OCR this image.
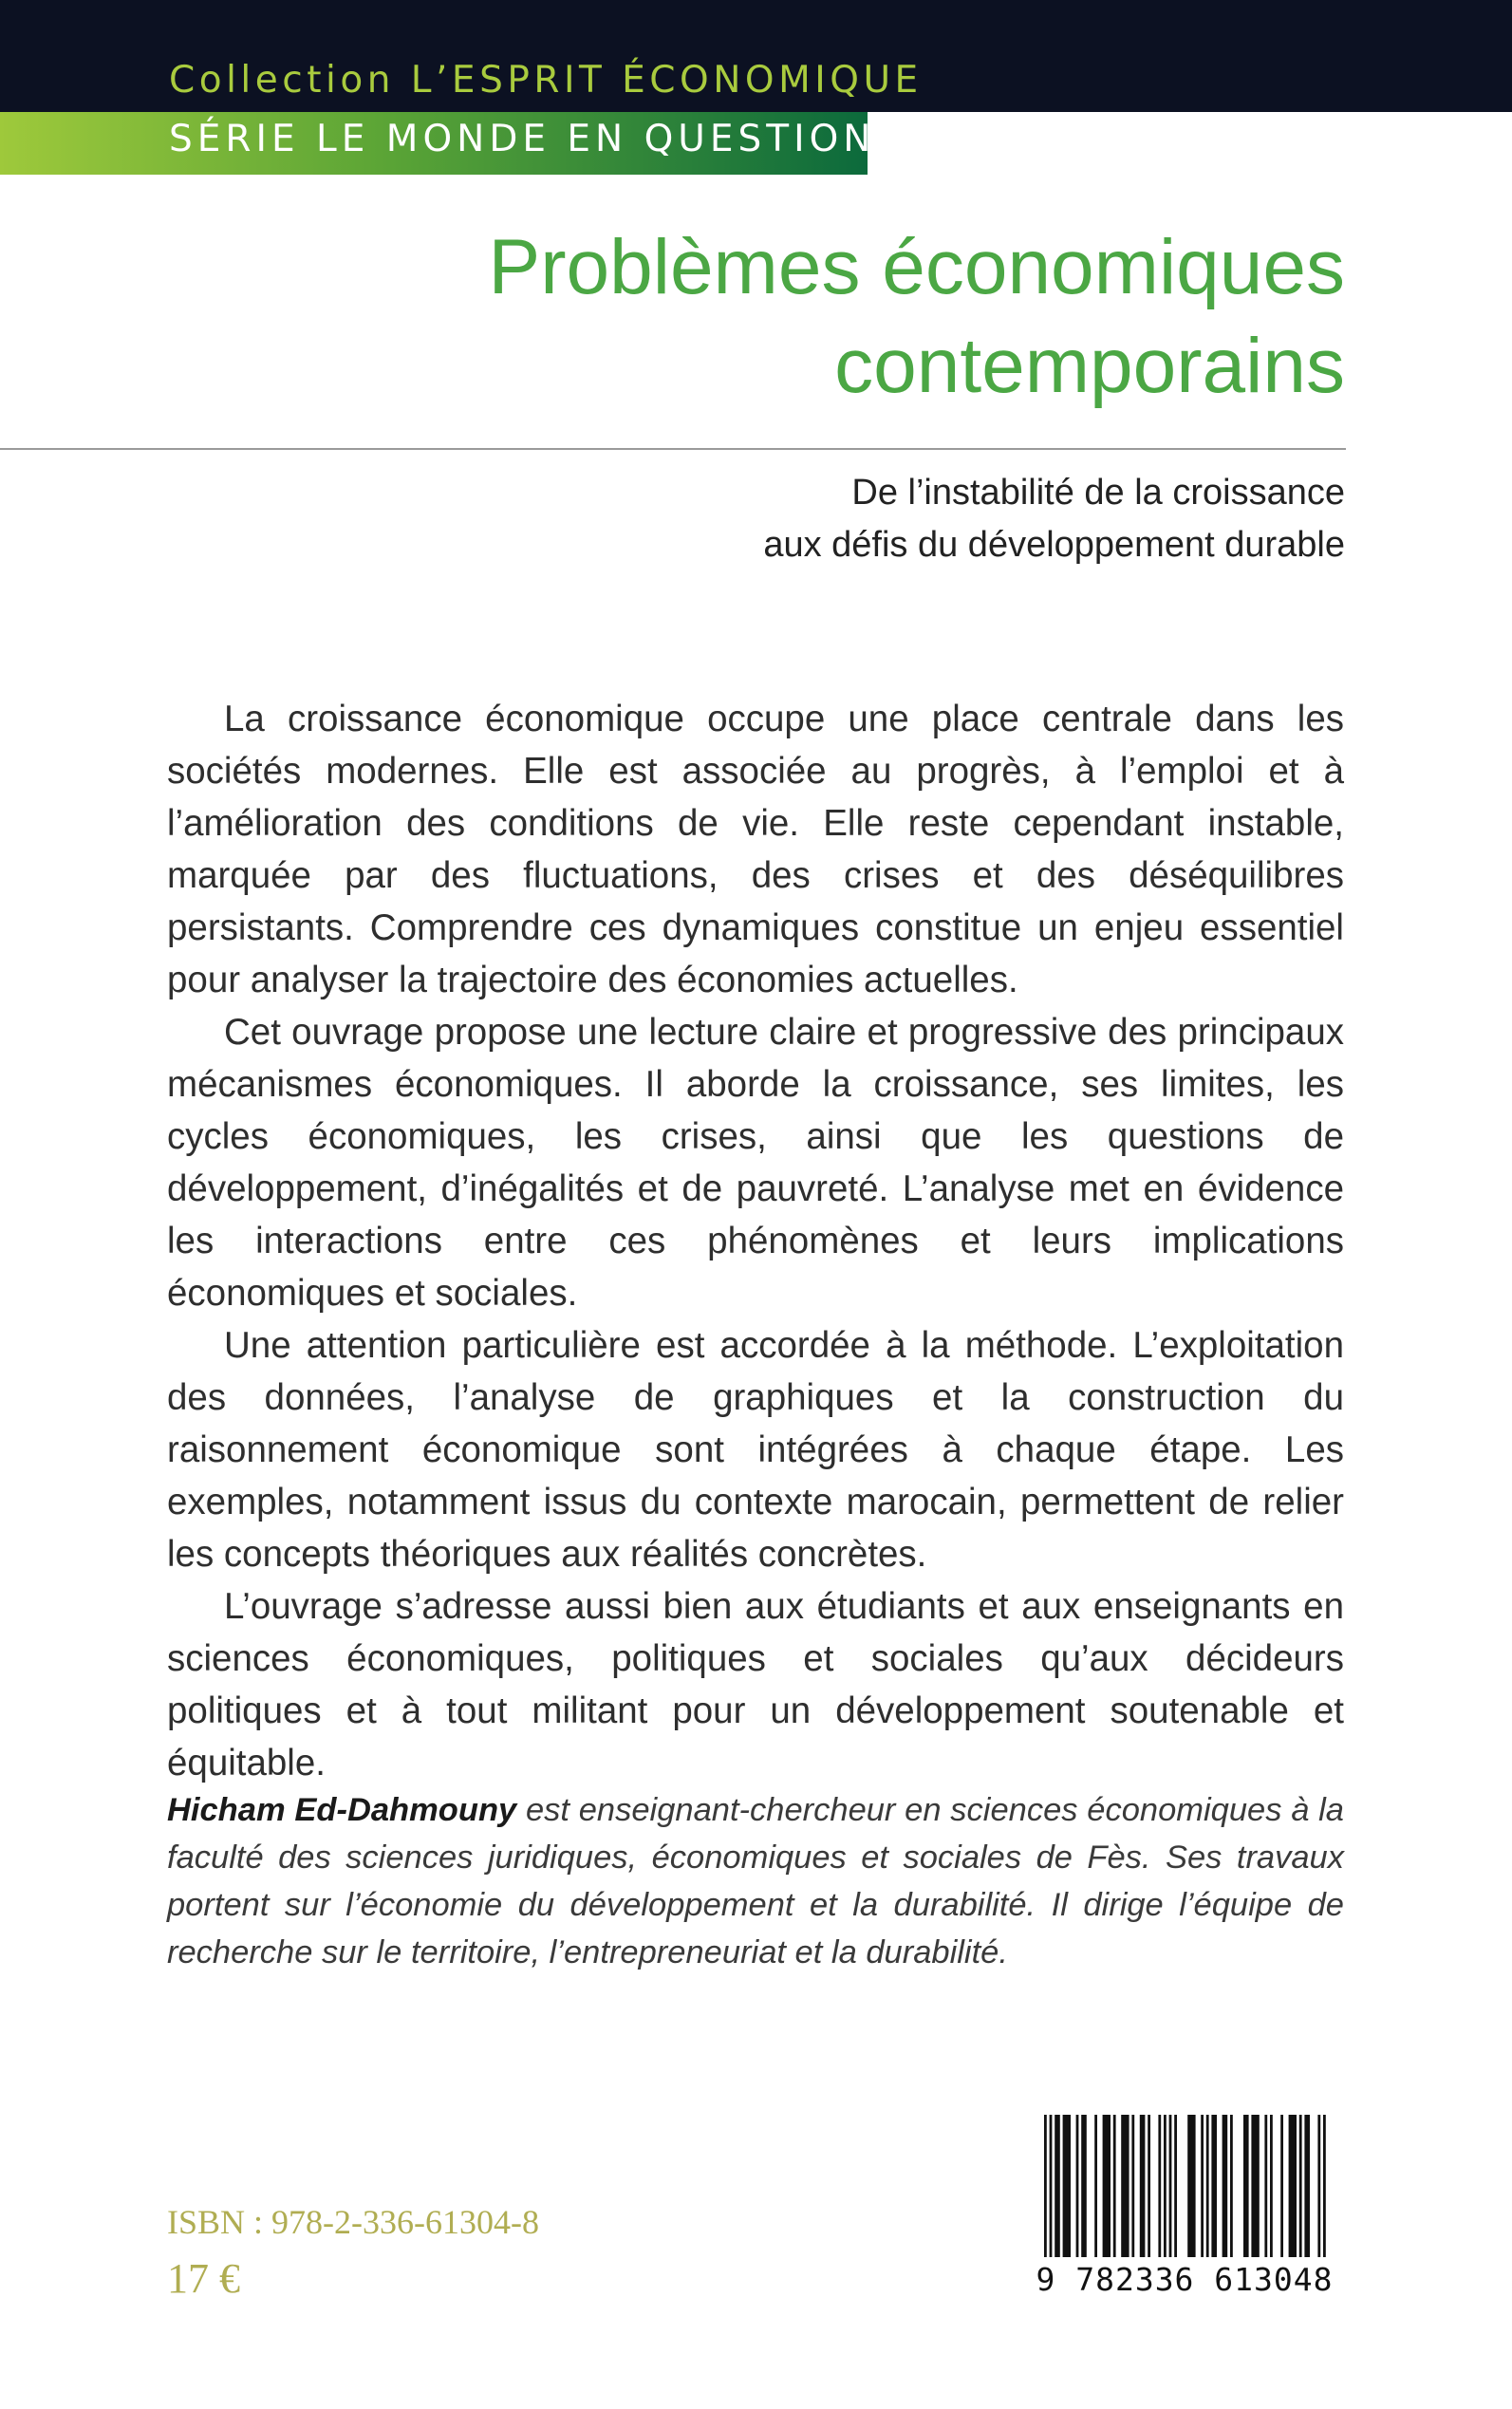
Collection L’ESPRIT ÉCONOMIQUE
SÉRIE LE MONDE EN QUESTION
Problèmes économiques
contemporains
De l’instabilité de la croissance
aux défis du développement durable

La croissance économique occupe une place centrale dans les sociétés modernes. Elle est associée au progrès, à l’emploi et à l’amélioration des conditions de vie. Elle reste cependant instable, marquée par des fluctuations, des crises et des déséquilibres persistants. Comprendre ces dynamiques constitue un enjeu essentiel pour analyser la trajectoire des économies actuelles.

Cet ouvrage propose une lecture claire et progressive des principaux mécanismes économiques. Il aborde la croissance, ses limites, les cycles économiques, les crises, ainsi que les questions de développement, d’inégalités et de pauvreté. L’analyse met en évidence les interactions entre ces phénomènes et leurs implications économiques et sociales.

Une attention particulière est accordée à la méthode. L’exploitation des données, l’analyse de graphiques et la construction du raisonnement économique sont intégrées à chaque étape. Les exemples, notamment issus du contexte marocain, permettent de relier les concepts théoriques aux réalités concrètes.

L’ouvrage s’adresse aussi bien aux étudiants et aux enseignants en sciences économiques, politiques et sociales qu’aux décideurs politiques et à tout militant pour un développement soutenable et équitable.

Hicham Ed-Dahmouny est enseignant-chercheur en sciences économiques à la faculté des sciences juridiques, économiques et sociales de Fès. Ses travaux portent sur l’économie du développement et la durabilité. Il dirige l’équipe de recherche sur le territoire, l’entrepreneuriat et la durabilité.
ISBN : 978-2-336-61304-8
17 €	9 782336 613048
